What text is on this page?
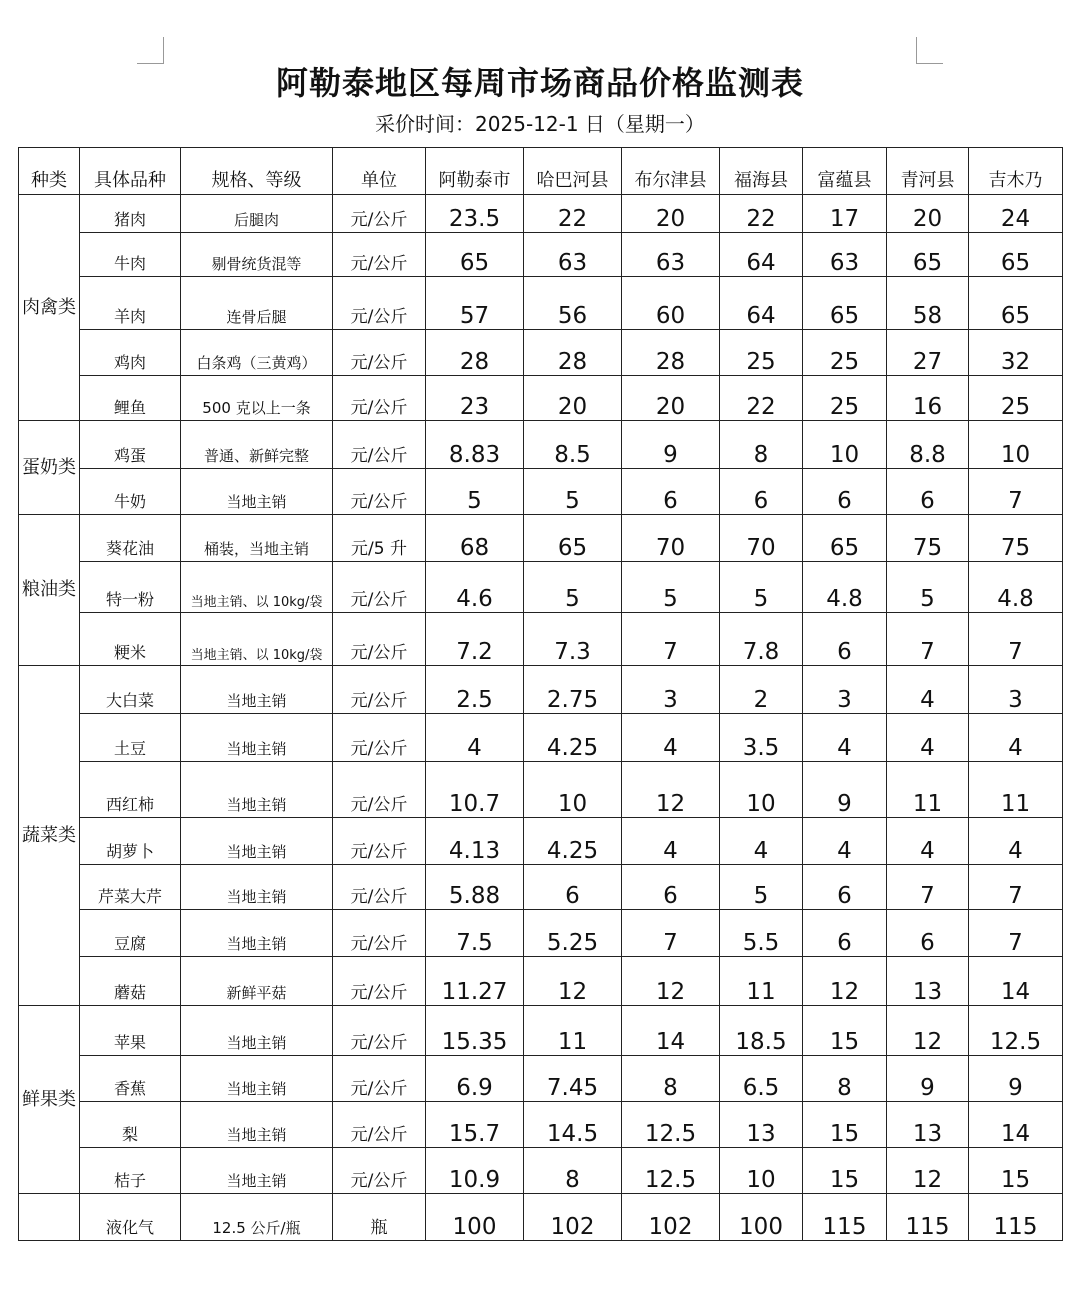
阿勒泰地区每周市场商品价格监测表
采价时间：2025-12-1 日（星期一）
种类	具体品种	规格、等级	单位	阿勒泰市	哈巴河县	布尔津县	福海县	富蕴县	青河县	吉木乃
肉禽类	猪肉	后腿肉	元/公斤	23.5	22	20	22	17	20	24
	牛肉	剔骨统货混等	元/公斤	65	63	63	64	63	65	65
	羊肉	连骨后腿	元/公斤	57	56	60	64	65	58	65
	鸡肉	白条鸡（三黄鸡）	元/公斤	28	28	28	25	25	27	32
	鲤鱼	500 克以上一条	元/公斤	23	20	20	22	25	16	25
蛋奶类	鸡蛋	普通、新鲜完整	元/公斤	8.83	8.5	9	8	10	8.8	10
	牛奶	当地主销	元/公斤	5	5	6	6	6	6	7
粮油类	葵花油	桶装，当地主销	元/5 升	68	65	70	70	65	75	75
	特一粉	当地主销、以 10kg/袋	元/公斤	4.6	5	5	5	4.8	5	4.8
	粳米	当地主销、以 10kg/袋	元/公斤	7.2	7.3	7	7.8	6	7	7
蔬菜类	大白菜	当地主销	元/公斤	2.5	2.75	3	2	3	4	3
	土豆	当地主销	元/公斤	4	4.25	4	3.5	4	4	4
	西红柿	当地主销	元/公斤	10.7	10	12	10	9	11	11
	胡萝卜	当地主销	元/公斤	4.13	4.25	4	4	4	4	4
	芹菜大芹	当地主销	元/公斤	5.88	6	6	5	6	7	7
	豆腐	当地主销	元/公斤	7.5	5.25	7	5.5	6	6	7
	蘑菇	新鲜平菇	元/公斤	11.27	12	12	11	12	13	14
鲜果类	苹果	当地主销	元/公斤	15.35	11	14	18.5	15	12	12.5
	香蕉	当地主销	元/公斤	6.9	7.45	8	6.5	8	9	9
	梨	当地主销	元/公斤	15.7	14.5	12.5	13	15	13	14
	桔子	当地主销	元/公斤	10.9	8	12.5	10	15	12	15
	液化气	12.5 公斤/瓶	瓶	100	102	102	100	115	115	115
